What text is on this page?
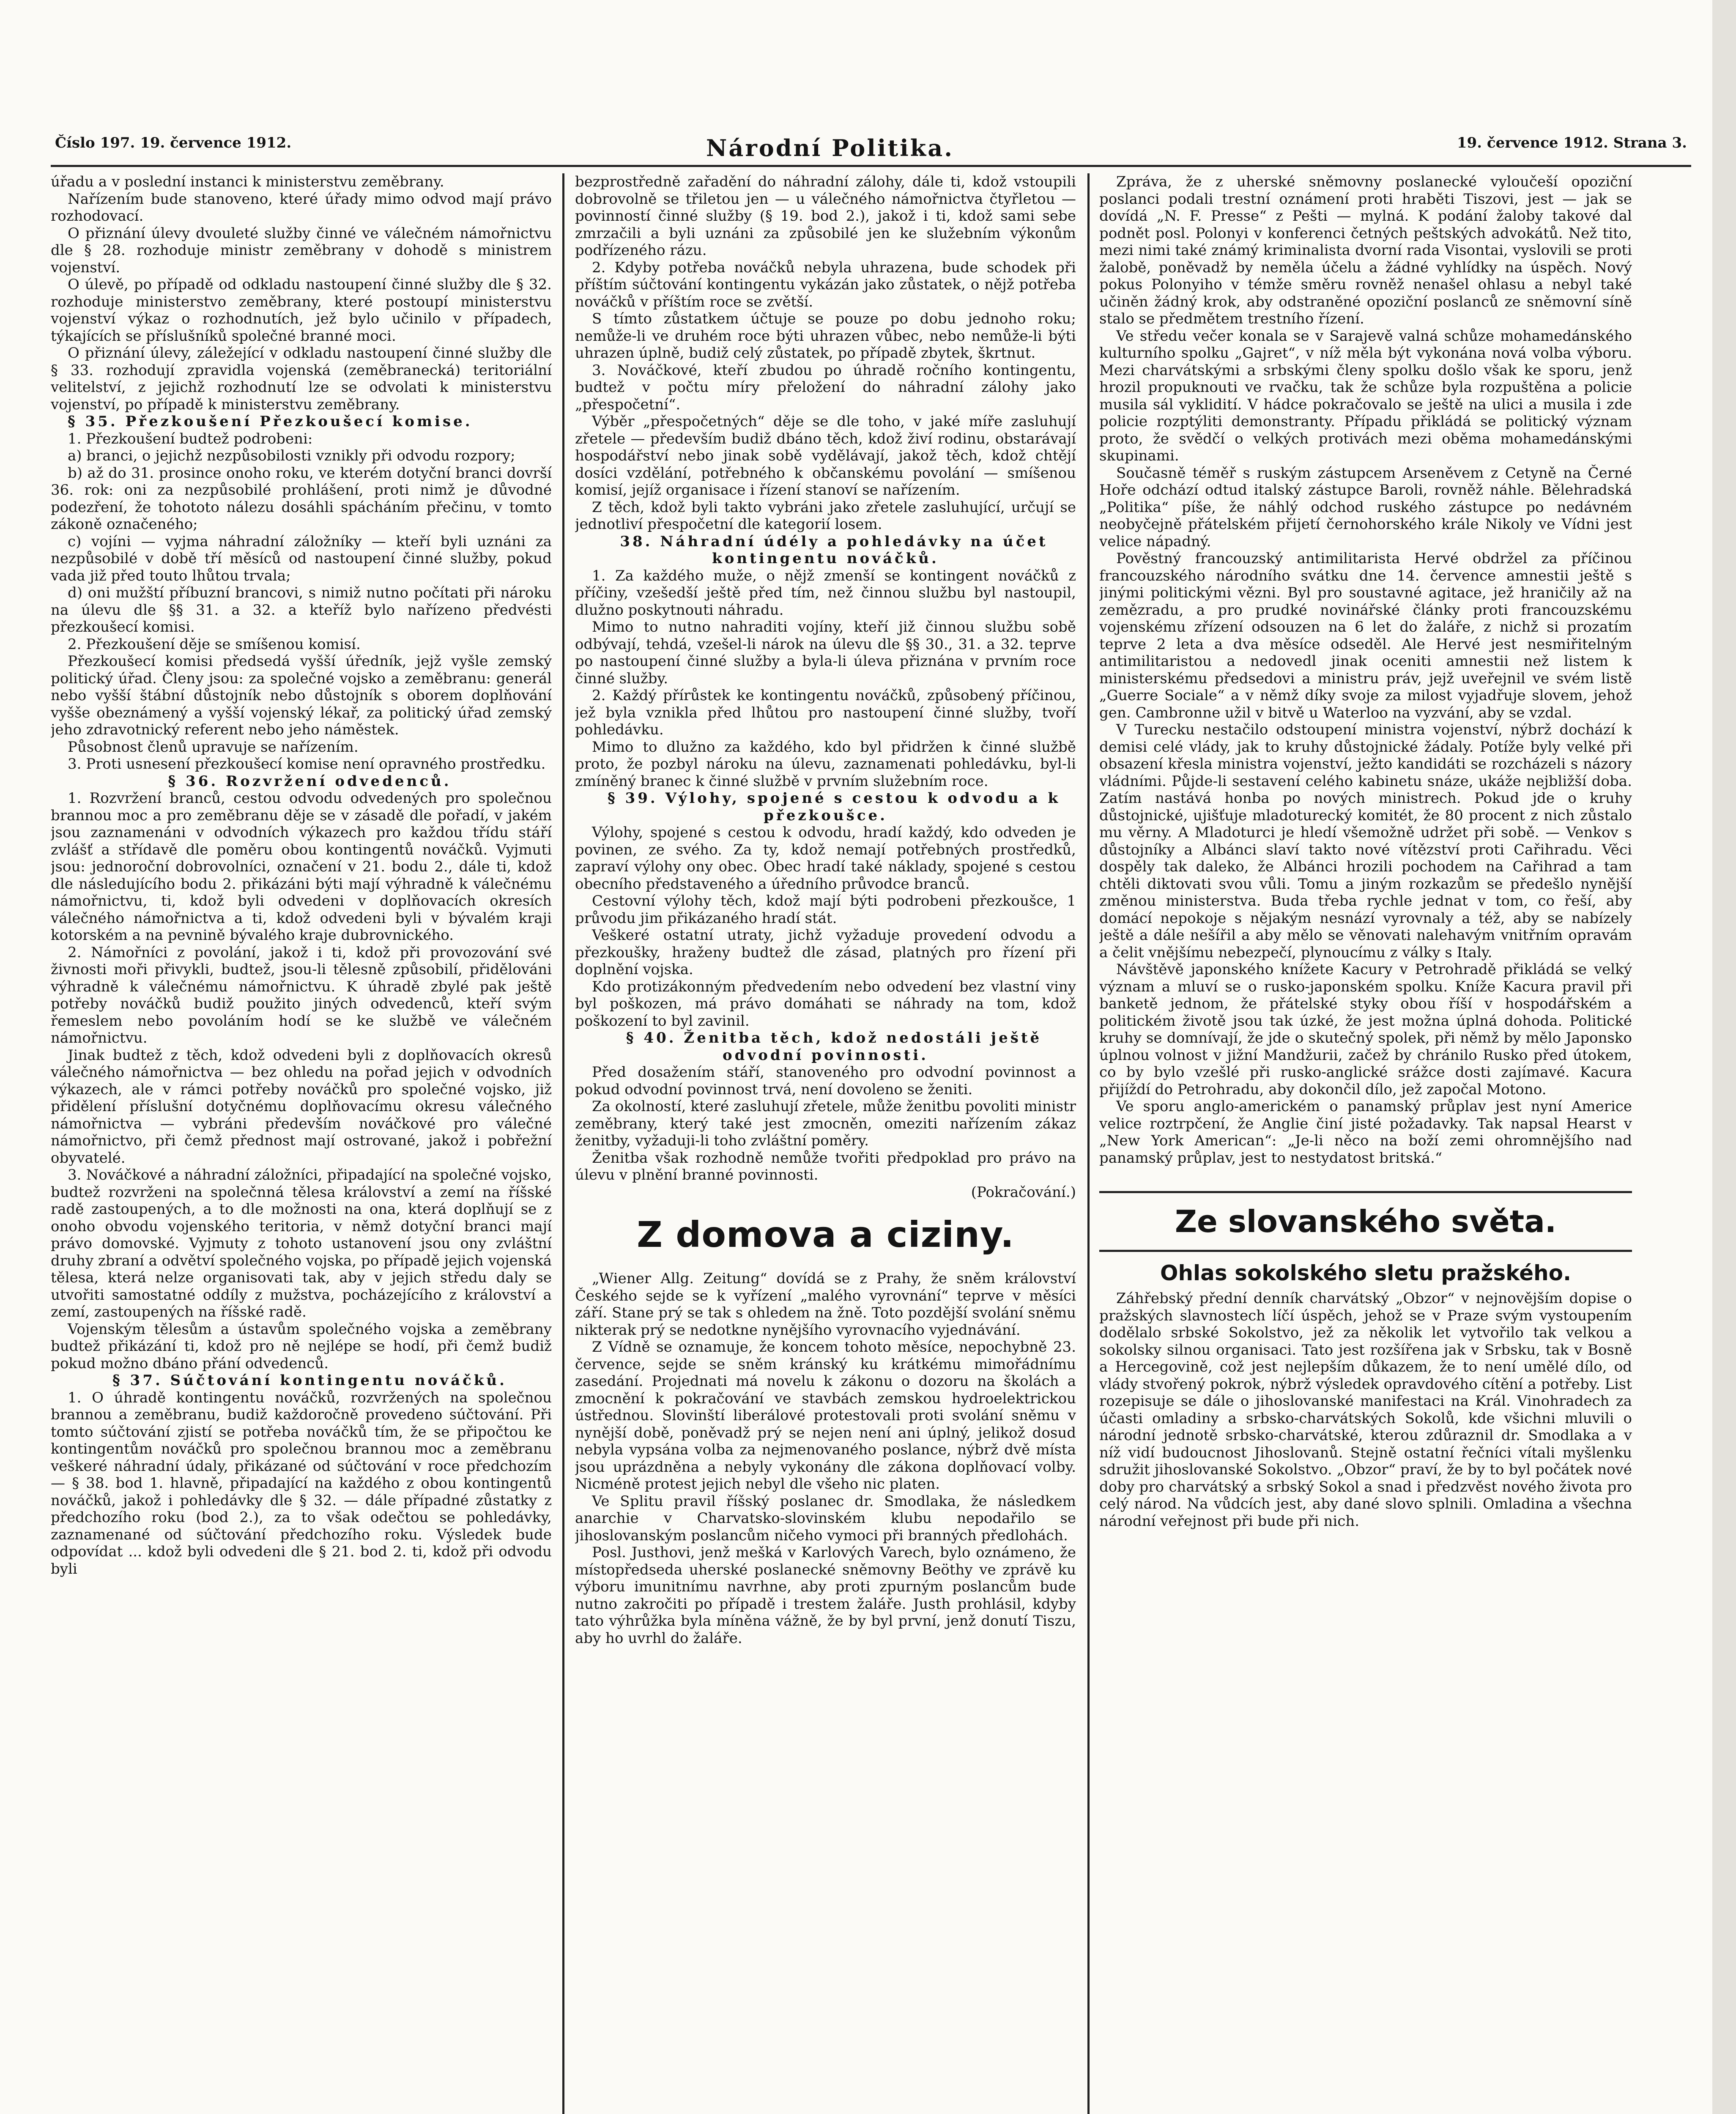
Číslo 197. 19. července 1912.	Národní Politika.	19. července 1912. Strana 3.

úřadu a v poslední instanci k ministerstvu zeměbrany.

Nařízením bude stanoveno, které úřady mimo odvod mají právo rozhodovací.

O přiznání úlevy dvouleté služby činné ve válečném námořnictvu dle § 28. rozhoduje ministr zeměbrany v dohodě s ministrem vojenství.

O úlevě, po případě od odkladu nastoupení činné služby dle § 32. rozhoduje ministerstvo zeměbrany, které postoupí ministerstvu vojenství výkaz o rozhodnutích, jež bylo učinilo v případech, týkajících se příslušníků společné branné moci.

O přiznání úlevy, záležející v odkladu nastoupení činné služby dle § 33. rozhodují zpravidla vojenská (zeměbranecká) teritoriální velitelství, z jejichž rozhodnutí lze se odvolati k ministerstvu vojenství, po případě k ministerstvu zeměbrany.

§ 35. Přezkoušení Přezkoušecí komise.

1. Přezkoušení budtež podrobeni:

a) branci, o jejichž nezpůsobilosti vznikly při odvodu rozpory;

b) až do 31. prosince onoho roku, ve kterém dotyční branci dovrší 36. rok: oni za nezpůsobilé prohlášení, proti nimž je důvodné podezření, že tohototo nálezu dosáhli spácháním přečinu, v tomto zákoně označeného;

c) vojíni — vyjma náhradní záložníky — kteří byli uznáni za nezpůsobilé v době tří měsíců od nastoupení činné služby, pokud vada již před touto lhůtou trvala;

d) oni mužští příbuzní brancovi, s nimiž nutno počítati při nároku na úlevu dle §§ 31. a 32. a kteříž bylo nařízeno předvésti přezkoušecí komisi.

2. Přezkoušení děje se smíšenou komisí.

Přezkoušecí komisi předsedá vyšší úředník, jejž vyšle zemský politický úřad. Členy jsou: za společné vojsko a zeměbranu: generál nebo vyšší štábní důstojník nebo důstojník s oborem doplňování vyšše obeznámený a vyšší vojenský lékař, za politický úřad zemský jeho zdravotnický referent nebo jeho náměstek.

Působnost členů upravuje se nařízením.

3. Proti usnesení přezkoušecí komise není opravného prostředku.

§ 36. Rozvržení odvedenců.

1. Rozvržení branců, cestou odvodu odvedených pro společnou brannou moc a pro zeměbranu děje se v zásadě dle pořadí, v jakém jsou zaznamenáni v odvodních výkazech pro každou třídu stáří zvlášť a střídavě dle poměru obou kontingentů nováčků. Vyjmuti jsou: jednoroční dobrovolníci, označení v 21. bodu 2., dále ti, kdož dle následujícího bodu 2. přikázáni býti mají výhradně k válečnému námořnictvu, ti, kdož byli odvedeni v doplňovacích okresích válečného námořnictva a ti, kdož odvedeni byli v bývalém kraji kotorském a na pevnině bývalého kraje dubrovnického.

2. Námořníci z povolání, jakož i ti, kdož při provozování své živnosti moři přivykli, budtež, jsou-li tělesně způsobilí, přidělováni výhradně k válečnému námořnictvu. K úhradě zbylé pak ještě potřeby nováčků budiž použito jiných odvedenců, kteří svým řemeslem nebo povoláním hodí se ke službě ve válečném námořnictvu.

Jinak budtež z těch, kdož odvedeni byli z doplňovacích okresů válečného námořnictva — bez ohledu na pořad jejich v odvodních výkazech, ale v rámci potřeby nováčků pro společné vojsko, již přidělení příslušní dotyčnému doplňovacímu okresu válečného námořnictva — vybráni především nováčkové pro válečné námořnictvo, při čemž přednost mají ostrované, jakož i pobřežní obyvatelé.

3. Nováčkové a náhradní záložníci, připadající na společné vojsko, budtež rozvrženi na společnná tělesa království a zemí na říšské radě zastoupených, a to dle možnosti na ona, která doplňují se z onoho obvodu vojenského teritoria, v němž dotyční branci mají právo domovské. Vyjmuty z tohoto ustanovení jsou ony zvláštní druhy zbraní a odvětví společného vojska, po případě jejich vojenská tělesa, která nelze organisovati tak, aby v jejich středu daly se utvořiti samostatné oddíly z mužstva, pocházejícího z království a zemí, zastoupených na říšské radě.

Vojenským tělesům a ústavům společného vojska a zeměbrany budtež přikázání ti, kdož pro ně nejlépe se hodí, při čemž budiž pokud možno dbáno přání odvedenců.

§ 37. Súčtování kontingentu nováčků.

1. O úhradě kontingentu nováčků, rozvržených na společnou brannou a zeměbranu, budiž každoročně provedeno súčtování. Při tomto súčtování zjistí se potřeba nováčků tím, že se připočtou ke kontingentům nováčků pro společnou brannou moc a zeměbranu veškeré náhradní údaly, přikázané od súčtování v roce předchozím — § 38. bod 1. hlavně, připadající na každého z obou kontingentů nováčků, jakož i pohledávky dle § 32. — dále případné zůstatky z předchozího roku (bod 2.), za to však odečtou se pohledávky, zaznamenané od súčtování předchozího roku. Výsledek bude odpovídat ... kdož byli odvedeni dle § 21. bod 2. ti, kdož při odvodu byli

bezprostředně zařadění do náhradní zálohy, dále ti, kdož vstoupili dobrovolně se třiletou jen — u válečného námořnictva čtyřletou — povinností činné služby (§ 19. bod 2.), jakož i ti, kdož sami sebe zmrzačili a byli uznáni za způsobilé jen ke služebním výkonům podřízeného rázu.

2. Kdyby potřeba nováčků nebyla uhrazena, bude schodek při příštím súčtování kontingentu vykázán jako zůstatek, o nějž potřeba nováčků v příštím roce se zvětší.

S tímto zůstatkem účtuje se pouze po dobu jednoho roku; nemůže-li ve druhém roce býti uhrazen vůbec, nebo nemůže-li býti uhrazen úplně, budiž celý zůstatek, po případě zbytek, škrtnut.

3. Nováčkové, kteří zbudou po úhradě ročního kontingentu, budtež v počtu míry přeložení do náhradní zálohy jako „přespočetní“.

Výběr „přespočetných“ děje se dle toho, v jaké míře zasluhují zřetele — především budiž dbáno těch, kdož živí rodinu, obstarávají hospodářství nebo jinak sobě vydělávají, jakož těch, kdož chtějí dosíci vzdělání, potřebného k občanskému povolání — smíšenou komisí, jejíž organisace i řízení stanoví se nařízením.

Z těch, kdož byli takto vybráni jako zřetele zasluhující, určují se jednotliví přespočetní dle kategorií losem.

38. Náhradní údély a pohledávky na účet kontingentu nováčků.

1. Za každého muže, o nějž zmenší se kontingent nováčků z příčiny, vzešedší ještě před tím, než činnou službu byl nastoupil, dlužno poskytnouti náhradu.

Mimo to nutno nahraditi vojíny, kteří již činnou službu sobě odbývají, tehdá, vzešel-li nárok na úlevu dle §§ 30., 31. a 32. teprve po nastoupení činné služby a byla-li úleva přiznána v prvním roce činné služby.

2. Každý přírůstek ke kontingentu nováčků, způsobený příčinou, jež byla vznikla před lhůtou pro nastoupení činné služby, tvoří pohledávku.

Mimo to dlužno za každého, kdo byl přidržen k činné službě proto, že pozbyl nároku na úlevu, zaznamenati pohledávku, byl-li zmíněný branec k činné službě v prvním služebním roce.

§ 39. Výlohy, spojené s cestou k odvodu a k přezkoušce.

Výlohy, spojené s cestou k odvodu, hradí každý, kdo odveden je povinen, ze svého. Za ty, kdož nemají potřebných prostředků, zapraví výlohy ony obec. Obec hradí také náklady, spojené s cestou obecního představeného a úředního průvodce branců.

Cestovní výlohy těch, kdož mají býti podrobeni přezkoušce, 1 průvodu jim přikázaného hradí stát.

Veškeré ostatní utraty, jichž vyžaduje provedení odvodu a přezkoušky, hraženy budtež dle zásad, platných pro řízení při doplnění vojska.

Kdo protizákonným předvedením nebo odvedení bez vlastní viny byl poškozen, má právo domáhati se náhrady na tom, kdož poškození to byl zavinil.

§ 40. Ženitba těch, kdož nedostáli ještě odvodní povinnosti.

Před dosažením stáří, stanoveného pro odvodní povinnost a pokud odvodní povinnost trvá, není dovoleno se ženiti.

Za okolností, které zasluhují zřetele, může ženitbu povoliti ministr zeměbrany, který také jest zmocněn, omeziti nařízením zákaz ženitby, vyžaduji-li toho zvláštní poměry.

Ženitba však rozhodně nemůže tvořiti předpoklad pro právo na úlevu v plnění branné povinnosti.

(Pokračování.)

Z domova a ciziny.

„Wiener Allg. Zeitung“ dovídá se z Prahy, že sněm království Českého sejde se k vyřízení „malého vyrovnání“ teprve v měsíci září. Stane prý se tak s ohledem na žně. Toto pozdější svolání sněmu nikterak prý se nedotkne nynějšího vyrovnacího vyjednávání.

Z Vídně se oznamuje, že koncem tohoto měsíce, nepochybně 23. července, sejde se sněm kránský ku krátkému mimořádnímu zasedání. Projednati má novelu k zákonu o dozoru na školách a zmocnění k pokračování ve stavbách zemskou hydroelektrickou ústřednou. Slovinští liberálové protestovali proti svolání sněmu v nynější době, poněvadž prý se nejen není ani úplný, jelikož dosud nebyla vypsána volba za nejmenovaného poslance, nýbrž dvě místa jsou uprázdněna a nebyly vykonány dle zákona doplňovací volby. Nicméně protest jejich nebyl dle všeho nic platen.

Ve Splitu pravil říšský poslanec dr. Smodlaka, že následkem anarchie v Charvatsko-slovinském klubu nepodařilo se jihoslovanským poslancům ničeho vymoci při branných předlohách.

Posl. Justhovi, jenž mešká v Karlových Varech, bylo oznámeno, že místopředseda uherské poslanecké sněmovny Beöthy ve zprávě ku výboru imunitnímu navrhne, aby proti zpurným poslancům bude nutno zakročiti po případě i trestem žaláře. Justh prohlásil, kdyby tato výhrůžka byla míněna vážně, že by byl první, jenž donutí Tiszu, aby ho uvrhl do žaláře.

Zpráva, že z uherské sněmovny poslanecké vyloučeší opoziční poslanci podali trestní oznámení proti hraběti Tiszovi, jest — jak se dovídá „N. F. Presse“ z Pešti — mylná. K podání žaloby takové dal podnět posl. Polonyi v konferenci četných peštských advokátů. Než tito, mezi nimi také známý kriminalista dvorní rada Visontai, vyslovili se proti žalobě, poněvadž by neměla účelu a žádné vyhlídky na úspěch. Nový pokus Polonyiho v témže směru rovněž nenašel ohlasu a nebyl také učiněn žádný krok, aby odstraněné opoziční poslanců ze sněmovní síně stalo se předmětem trestního řízení.

Ve středu večer konala se v Sarajevě valná schůze mohamedánského kulturního spolku „Gajret“, v níž měla být vykonána nová volba výboru. Mezi charvátskými a srbskými členy spolku došlo však ke sporu, jenž hrozil propuknouti ve rvačku, tak že schůze byla rozpuštěna a policie musila sál vyklidití. V hádce pokračovalo se ještě na ulici a musila i zde policie rozptýliti demonstranty. Případu přikládá se politický význam proto, že svědčí o velkých protivách mezi oběma mohamedánskými skupinami.

Současně téměř s ruským zástupcem Arseněvem z Cetyně na Černé Hoře odchází odtud italský zástupce Baroli, rovněž náhle. Bělehradská „Politika“ píše, že náhlý odchod ruského zástupce po nedávném neobyčejně přátelském přijetí černohorského krále Nikoly ve Vídni jest velice nápadný.

Pověstný francouzský antimilitarista Hervé obdržel za příčinou francouzského národního svátku dne 14. července amnestii ještě s jinými politickými vězni. Byl pro soustavné agitace, jež hraničily až na zemězradu, a pro prudké novinářské články proti francouzskému vojenskému zřízení odsouzen na 6 let do žaláře, z nichž si prozatím teprve 2 leta a dva měsíce odseděl. Ale Hervé jest nesmiřitelným antimilitaristou a nedovedl jinak oceniti amnestii než listem k ministerskému předsedovi a ministru práv, jejž uveřejnil ve svém listě „Guerre Sociale“ a v němž díky svoje za milost vyjadřuje slovem, jehož gen. Cambronne užil v bitvě u Waterloo na vyzvání, aby se vzdal.

V Turecku nestačilo odstoupení ministra vojenství, nýbrž dochází k demisi celé vlády, jak to kruhy důstojnické žádaly. Potíže byly velké při obsazení křesla ministra vojenství, ježto kandidáti se rozcházeli s názory vládními. Půjde-li sestavení celého kabinetu snáze, ukáže nejbližší doba. Zatím nastává honba po nových ministrech. Pokud jde o kruhy důstojnické, ujišťuje mladoturecký komitét, že 80 procent z nich zůstalo mu věrny. A Mladoturci je hledí všemožně udržet při sobě. — Venkov s důstojníky a Albánci slaví takto nové vítězství proti Cařihradu. Věci dospěly tak daleko, že Albánci hrozili pochodem na Cařihrad a tam chtěli diktovati svou vůli. Tomu a jiným rozkazům se předešlo nynější změnou ministerstva. Buda třeba rychle jednat v tom, co řeší, aby domácí nepokoje s nějakým nesnází vyrovnaly a též, aby se nabízely ještě a dále nešířil a aby mělo se věnovati nalehavým vnitřním opravám a čelit vnějšímu nebezpečí, plynoucímu z války s Italy.

Návštěvě japonského knížete Kacury v Petrohradě přikládá se velký význam a mluví se o rusko-japonském spolku. Kníže Kacura pravil při banketě jednom, že přátelské styky obou říší v hospodářském a politickém životě jsou tak úzké, že jest možna úplná dohoda. Politické kruhy se domnívají, že jde o skutečný spolek, při němž by mělo Japonsko úplnou volnost v jižní Mandžurii, začež by chránilo Rusko před útokem, co by bylo vzešlé při rusko-anglické srážce dosti zajímavé. Kacura přijíždí do Petrohradu, aby dokončil dílo, jež započal Motono.

Ve sporu anglo-americkém o panamský průplav jest nyní Americe velice roztrpčení, že Anglie činí jisté požadavky. Tak napsal Hearst v „New York American“: „Je-li něco na boží zemi ohromnějšího nad panamský průplav, jest to nestydatost britská.“

Ze slovanského světa.
Ohlas sokolského sletu pražského.

Záhřebský přední denník charvátský „Obzor“ v nejnovějším dopise o pražských slavnostech líčí úspěch, jehož se v Praze svým vystoupením dodělalo srbské Sokolstvo, jež za několik let vytvořilo tak velkou a sokolsky silnou organisaci. Tato jest rozšířena jak v Srbsku, tak v Bosně a Hercegovině, což jest nejlepším důkazem, že to není umělé dílo, od vlády stvořený pokrok, nýbrž výsledek opravdového cítění a potřeby. List rozepisuje se dále o jihoslovanské manifestaci na Král. Vinohradech za účasti omladiny a srbsko-charvátských Sokolů, kde všichni mluvili o národní jednotě srbsko-charvátské, kterou zdůraznil dr. Smodlaka a v níž vidí budoucnost Jihoslovanů. Stejně ostatní řečníci vítali myšlenku sdružit jihoslovanské Sokolstvo. „Obzor“ praví, že by to byl počátek nové doby pro charvátský a srbský Sokol a snad i předzvěst nového života pro celý národ. Na vůdcích jest, aby dané slovo splnili. Omladina a všechna národní veřejnost při bude při nich.
